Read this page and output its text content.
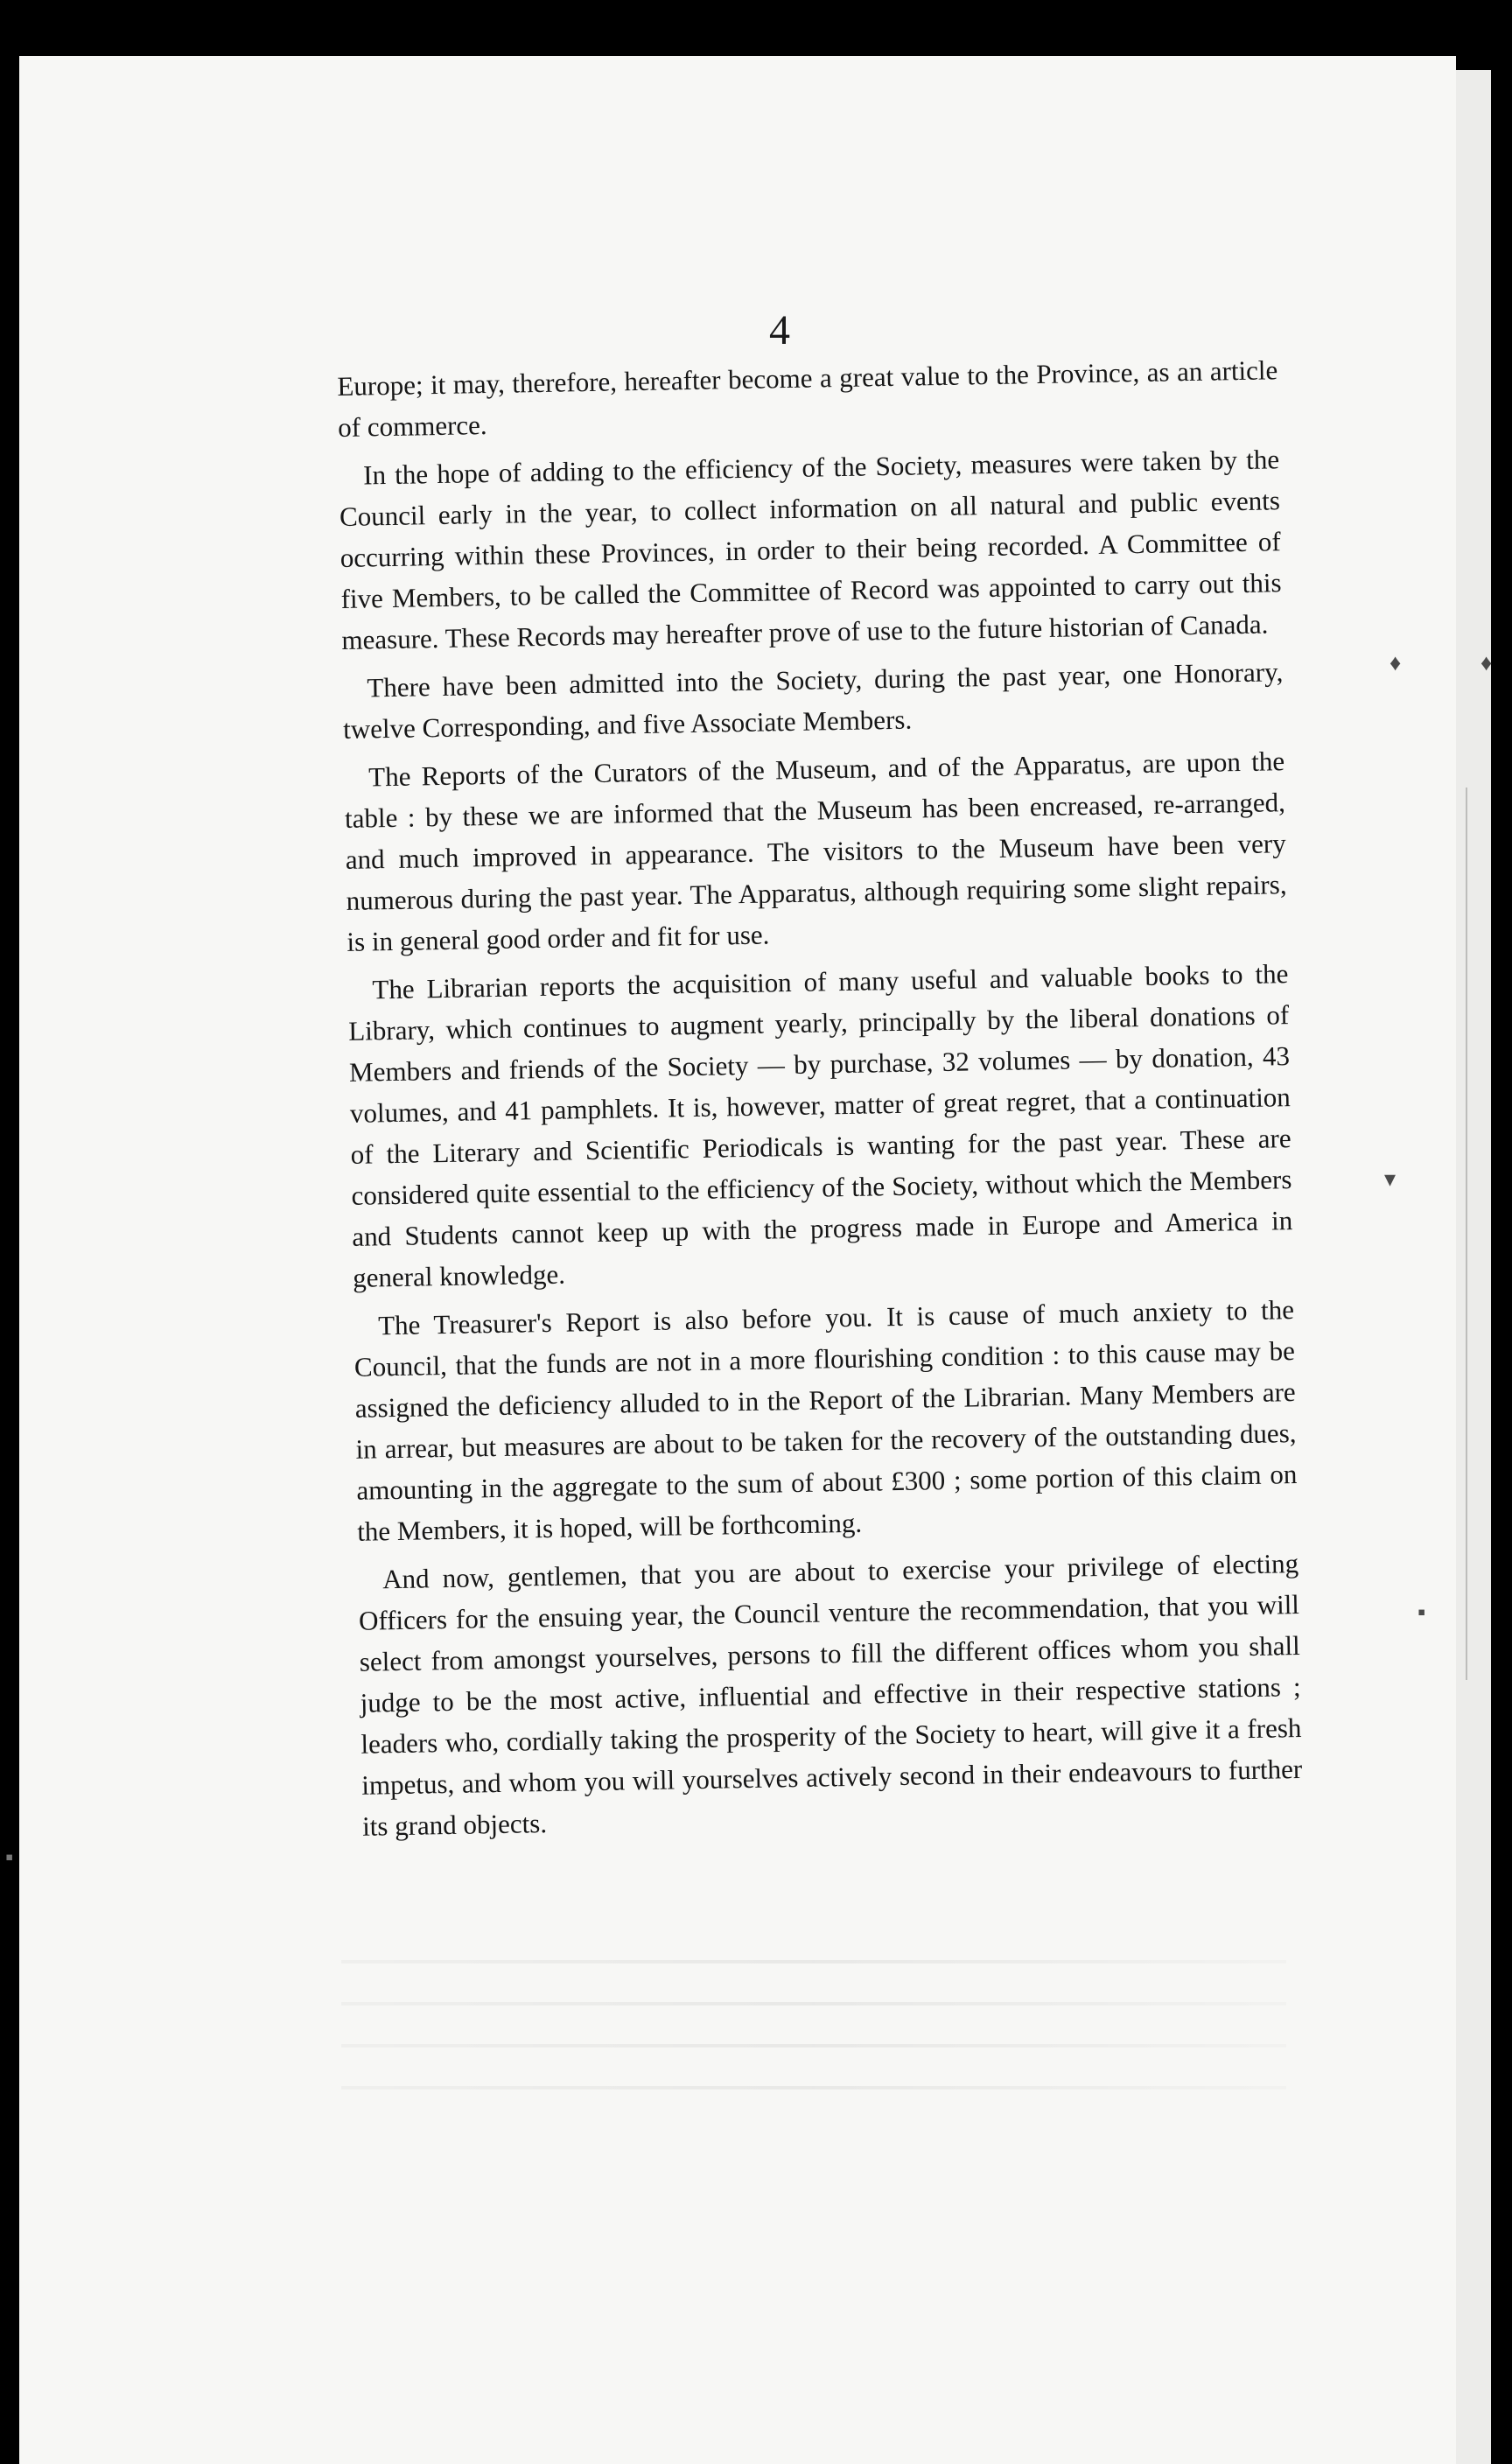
4

Europe; it may, therefore, hereafter become a great value to the Province, as an article of commerce.

In the hope of adding to the efficiency of the Society, measures were taken by the Council early in the year, to collect information on all natural and public events occurring within these Provinces, in order to their being recorded. A Committee of five Members, to be called the Committee of Record was appointed to carry out this measure. These Records may hereafter prove of use to the future historian of Canada.

There have been admitted into the Society, during the past year, one Honorary, twelve Corresponding, and five Associate Members.

The Reports of the Curators of the Museum, and of the Apparatus, are upon the table : by these we are informed that the Museum has been encreased, re-arranged, and much improved in appearance. The visitors to the Museum have been very numerous during the past year. The Apparatus, although requiring some slight repairs, is in general good order and fit for use.

The Librarian reports the acquisition of many useful and valuable books to the Library, which continues to augment yearly, principally by the liberal donations of Members and friends of the Society — by purchase, 32 volumes — by donation, 43 volumes, and 41 pamphlets. It is, however, matter of great regret, that a continuation of the Literary and Scientific Periodicals is wanting for the past year. These are considered quite essential to the efficiency of the Society, without which the Members and Students cannot keep up with the progress made in Europe and America in general knowledge.

The Treasurer's Report is also before you. It is cause of much anxiety to the Council, that the funds are not in a more flourishing condition : to this cause may be assigned the deficiency alluded to in the Report of the Librarian. Many Members are in arrear, but measures are about to be taken for the recovery of the outstanding dues, amounting in the aggregate to the sum of about £300 ; some portion of this claim on the Members, it is hoped, will be forthcoming.

And now, gentlemen, that you are about to exercise your privilege of electing Officers for the ensuing year, the Council venture the recommendation, that you will select from amongst yourselves, persons to fill the different offices whom you shall judge to be the most active, influential and effective in their respective stations ; leaders who, cordially taking the prosperity of the Society to heart, will give it a fresh impetus, and whom you will yourselves actively second in their endeavours to further its grand objects.

♦	♦
▾
▪
▪
